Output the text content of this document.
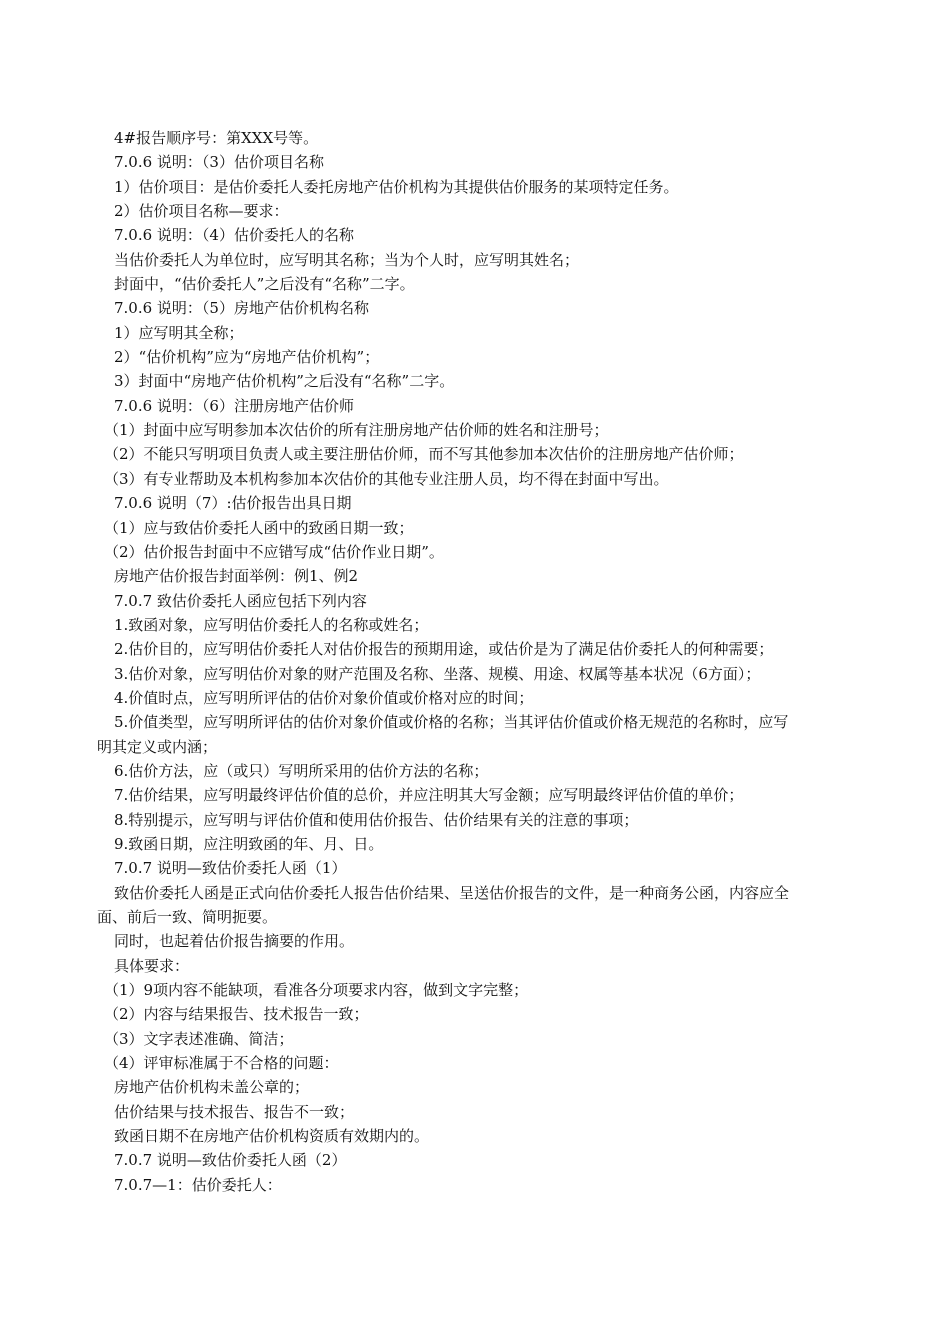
4#报告顺序号：第XXX号等。
7.0.6 说明：（3）估价项目名称
1）估价项目：是估价委托人委托房地产估价机构为其提供估价服务的某项特定任务。
2）估价项目名称—要求：
7.0.6 说明：（4）估价委托人的名称
当估价委托人为单位时，应写明其名称；当为个人时，应写明其姓名；
封面中，“估价委托人”之后没有“名称”二字。
7.0.6 说明：（5）房地产估价机构名称
1）应写明其全称；
2）“估价机构”应为“房地产估价机构”；
3）封面中“房地产估价机构”之后没有“名称”二字。
7.0.6 说明：（6）注册房地产估价师
（1）封面中应写明参加本次估价的所有注册房地产估价师的姓名和注册号；
（2）不能只写明项目负责人或主要注册估价师，而不写其他参加本次估价的注册房地产估价师；
（3）有专业帮助及本机构参加本次估价的其他专业注册人员，均不得在封面中写出。
7.0.6 说明（7）:估价报告出具日期
（1）应与致估价委托人函中的致函日期一致；
（2）估价报告封面中不应错写成“估价作业日期”。
房地产估价报告封面举例：例1、例2
7.0.7 致估价委托人函应包括下列内容
1.致函对象，应写明估价委托人的名称或姓名；
2.估价目的，应写明估价委托人对估价报告的预期用途，或估价是为了满足估价委托人的何种需要；
3.估价对象，应写明估价对象的财产范围及名称、坐落、规模、用途、权属等基本状况（6方面）；
4.价值时点，应写明所评估的估价对象价值或价格对应的时间；
5.价值类型，应写明所评估的估价对象价值或价格的名称；当其评估价值或价格无规范的名称时，应写
明其定义或内涵；
6.估价方法，应（或只）写明所采用的估价方法的名称；
7.估价结果，应写明最终评估价值的总价，并应注明其大写金额；应写明最终评估价值的单价；
8.特别提示，应写明与评估价值和使用估价报告、估价结果有关的注意的事项；
9.致函日期，应注明致函的年、月、日。
7.0.7 说明—致估价委托人函（1）
致估价委托人函是正式向估价委托人报告估价结果、呈送估价报告的文件，是一种商务公函，内容应全
面、前后一致、简明扼要。
同时，也起着估价报告摘要的作用。
具体要求：
（1）9项内容不能缺项，看准各分项要求内容，做到文字完整；
（2）内容与结果报告、技术报告一致；
（3）文字表述准确、简洁；
（4）评审标准属于不合格的问题：
房地产估价机构未盖公章的；
估价结果与技术报告、报告不一致；
致函日期不在房地产估价机构资质有效期内的。
7.0.7 说明—致估价委托人函（2）
7.0.7—1：估价委托人：
